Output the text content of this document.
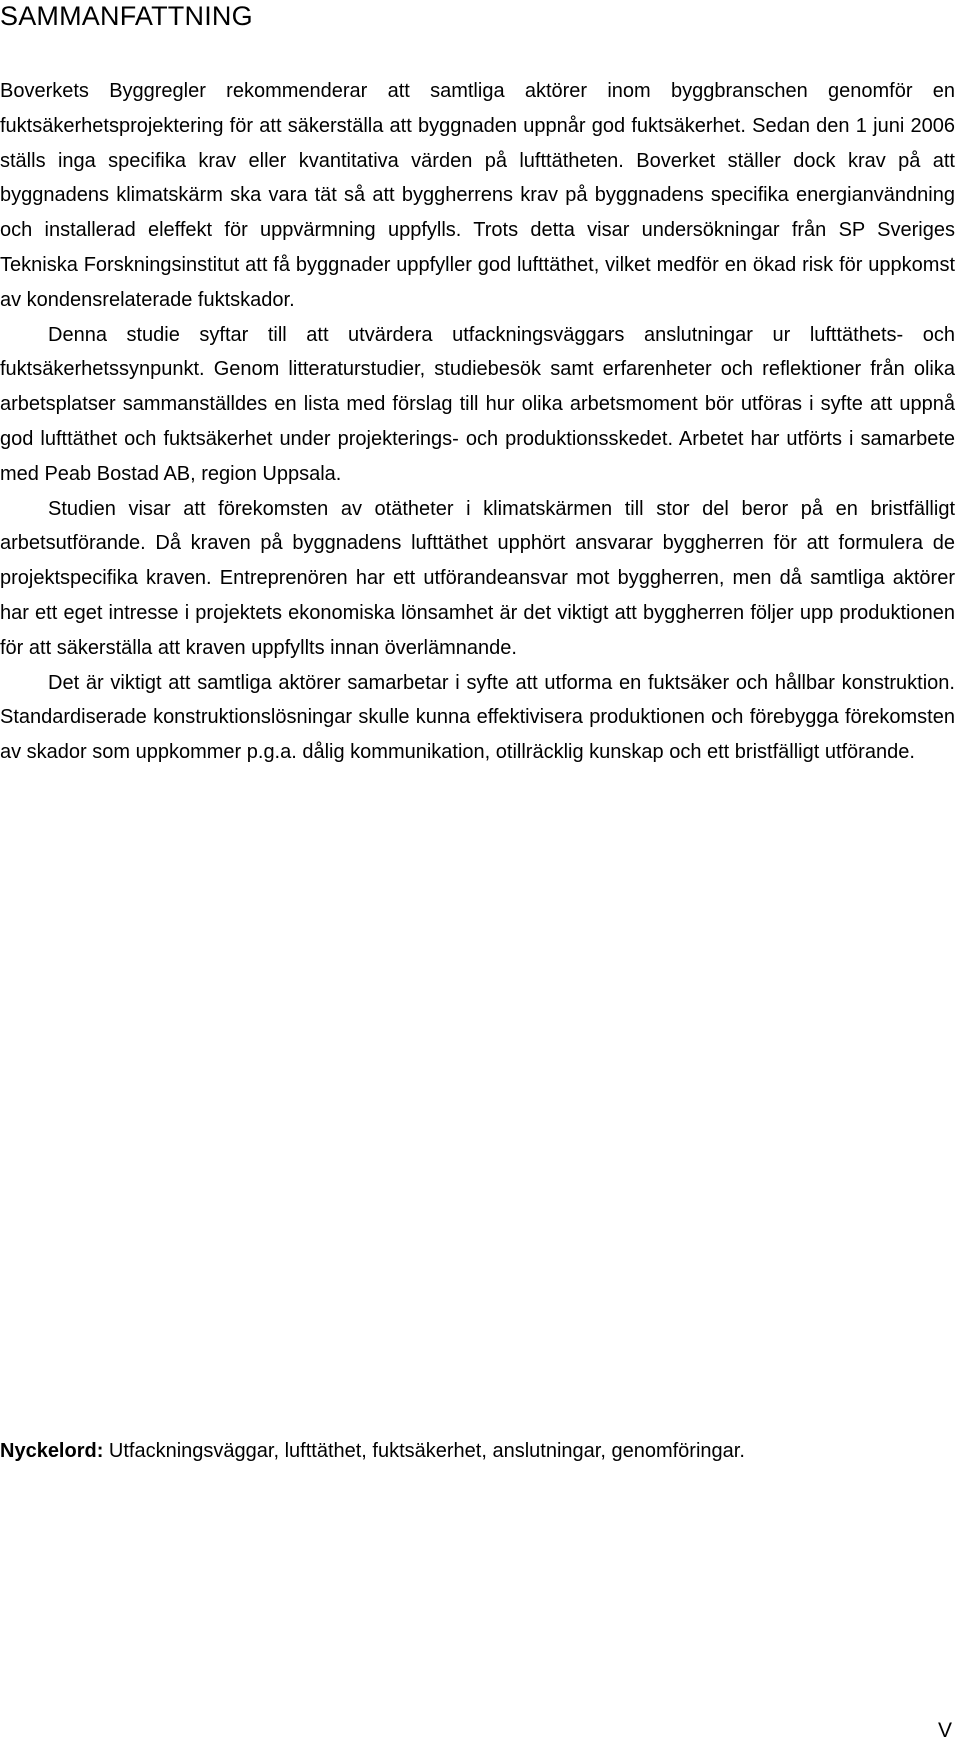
SAMMANFATTNING

Boverkets Byggregler rekommenderar att samtliga aktörer inom byggbranschen genomför en fuktsäkerhetsprojektering för att säkerställa att byggnaden uppnår god fuktsäkerhet. Sedan den 1 juni 2006 ställs inga specifika krav eller kvantitativa värden på lufttätheten. Boverket ställer dock krav på att byggnadens klimatskärm ska vara tät så att byggherrens krav på byggnadens specifika energianvändning och installerad eleffekt för uppvärmning uppfylls. Trots detta visar undersökningar från SP Sveriges Tekniska Forskningsinstitut att få byggnader uppfyller god lufttäthet, vilket medför en ökad risk för uppkomst av kondensrelaterade fuktskador.

Denna studie syftar till att utvärdera utfackningsväggars anslutningar ur lufttäthets- och fuktsäkerhetssynpunkt. Genom litteraturstudier, studiebesök samt erfarenheter och reflektioner från olika arbetsplatser sammanställdes en lista med förslag till hur olika arbetsmoment bör utföras i syfte att uppnå god lufttäthet och fuktsäkerhet under projekterings- och produktionsskedet. Arbetet har utförts i samarbete med Peab Bostad AB, region Uppsala.

Studien visar att förekomsten av otätheter i klimatskärmen till stor del beror på en bristfälligt arbetsutförande. Då kraven på byggnadens lufttäthet upphört ansvarar byggherren för att formulera de projektspecifika kraven. Entreprenören har ett utförandeansvar mot byggherren, men då samtliga aktörer har ett eget intresse i projektets ekonomiska lönsamhet är det viktigt att byggherren följer upp produktionen för att säkerställa att kraven uppfyllts innan överlämnande.

Det är viktigt att samtliga aktörer samarbetar i syfte att utforma en fuktsäker och hållbar konstruktion. Standardiserade konstruktionslösningar skulle kunna effektivisera produktionen och förebygga förekomsten av skador som uppkommer p.g.a. dålig kommunikation, otillräcklig kunskap och ett bristfälligt utförande.

Nyckelord: Utfackningsväggar, lufttäthet, fuktsäkerhet, anslutningar, genomföringar.
V
